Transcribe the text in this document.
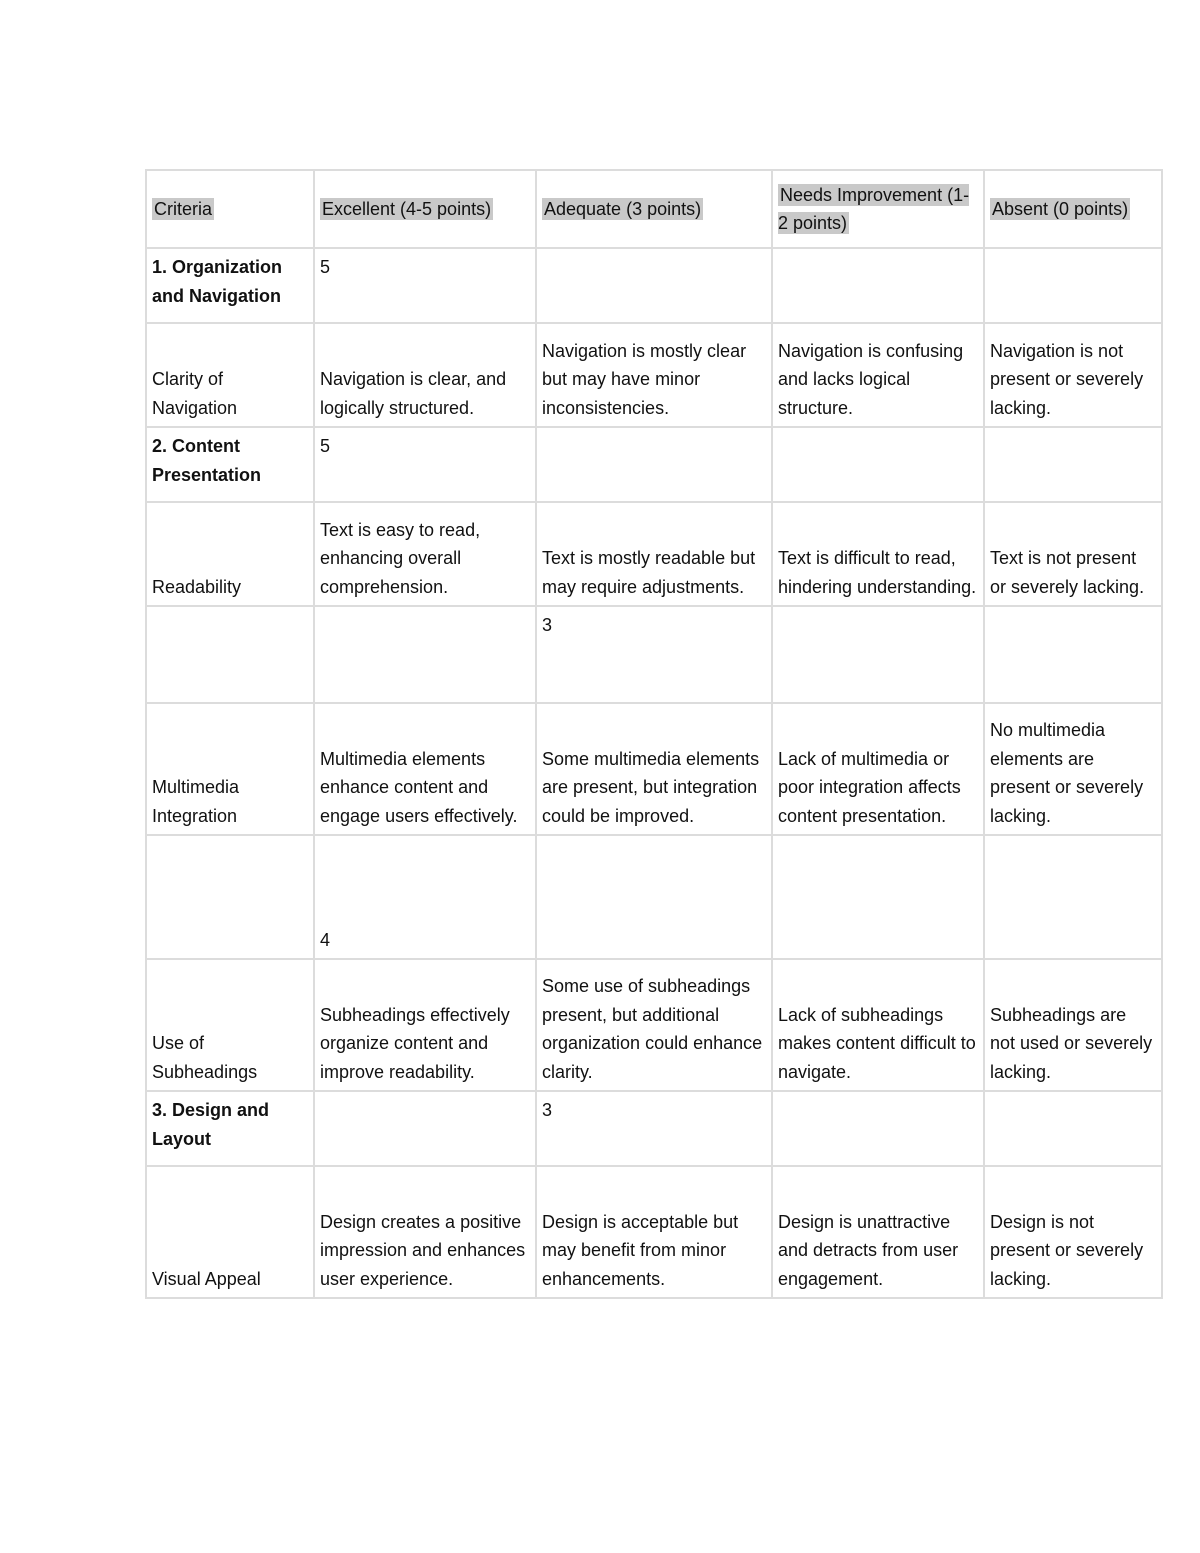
Criteria	Excellent (4-5 points)	Adequate (3 points)	Needs Improvement (1-2 points)	Absent (0 points)
1. Organization and Navigation	5			
Clarity of Navigation	Navigation is clear, and logically structured.	Navigation is mostly clear but may have minor inconsistencies.	Navigation is confusing and lacks logical structure.	Navigation is not present or severely lacking.
2. Content Presentation	5			
Readability	Text is easy to read, enhancing overall comprehension.	Text is mostly readable but may require adjustments.	Text is difficult to read, hindering understanding.	Text is not present or severely lacking.
		3		
Multimedia Integration	Multimedia elements enhance content and engage users effectively.	Some multimedia elements are present, but integration could be improved.	Lack of multimedia or poor integration affects content presentation.	No multimedia elements are present or severely lacking.
	4			
Use of Subheadings	Subheadings effectively organize content and improve readability.	Some use of subheadings present, but additional organization could enhance clarity.	Lack of subheadings makes content difficult to navigate.	Subheadings are not used or severely lacking.
3. Design and Layout		3		
Visual Appeal	Design creates a positive impression and enhances user experience.	Design is acceptable but may benefit from minor enhancements.	Design is unattractive and detracts from user engagement.	Design is not present or severely lacking.
